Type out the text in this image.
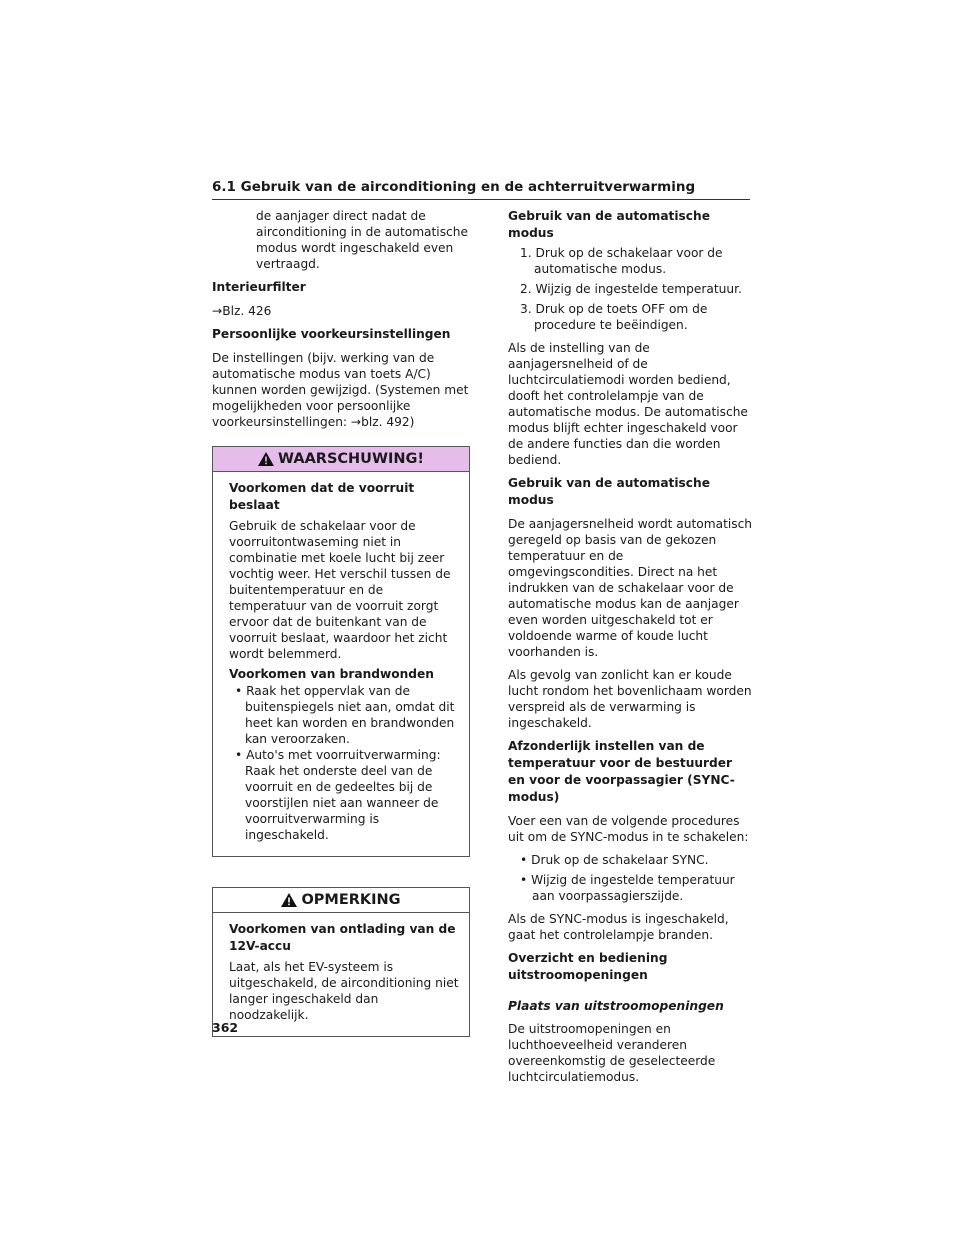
6.1 Gebruik van de airconditioning en de achterruitverwarming

de aanjager direct nadat de airconditioning in de automatische modus wordt ingeschakeld even vertraagd.

Interieurfilter

→Blz. 426

Persoonlijke voorkeursinstellingen

De instellingen (bijv. werking van de automatische modus van toets A/C) kunnen worden gewijzigd. (Systemen met mogelijkheden voor persoonlijke voorkeursinstellingen: →blz. 492)

WAARSCHUWING!

Voorkomen dat de voorruit beslaat

Gebruik de schakelaar voor de voorruitontwaseming niet in combinatie met koele lucht bij zeer vochtig weer. Het verschil tussen de buitentemperatuur en de temperatuur van de voorruit zorgt ervoor dat de buitenkant van de voorruit beslaat, waardoor het zicht wordt belemmerd.

Voorkomen van brandwonden

• Raak het oppervlak van de buitenspiegels niet aan, omdat dit heet kan worden en brandwonden kan veroorzaken.
• Auto's met voorruitverwarming: Raak het onderste deel van de voorruit en de gedeeltes bij de voorstijlen niet aan wanneer de voorruitverwarming is ingeschakeld.
OPMERKING

Voorkomen van ontlading van de 12V-accu

Laat, als het EV-systeem is uitgeschakeld, de airconditioning niet langer ingeschakeld dan noodzakelijk.

Gebruik van de automatische modus

1. Druk op de schakelaar voor de automatische modus.
2. Wijzig de ingestelde temperatuur.
3. Druk op de toets OFF om de procedure te beëindigen.

Als de instelling van de aanjagersnelheid of de luchtcirculatiemodi worden bediend, dooft het controlelampje van de automatische modus. De automatische modus blijft echter ingeschakeld voor de andere functies dan die worden bediend.

Gebruik van de automatische modus

De aanjagersnelheid wordt automatisch geregeld op basis van de gekozen temperatuur en de omgevingscondities. Direct na het indrukken van de schakelaar voor de automatische modus kan de aanjager even worden uitgeschakeld tot er voldoende warme of koude lucht voorhanden is.

Als gevolg van zonlicht kan er koude lucht rondom het bovenlichaam worden verspreid als de verwarming is ingeschakeld.

Afzonderlijk instellen van de temperatuur voor de bestuurder en voor de voorpassagier (SYNC-modus)

Voer een van de volgende procedures uit om de SYNC-modus in te schakelen:

• Druk op de schakelaar SYNC.
• Wijzig de ingestelde temperatuur aan voorpassagierszijde.

Als de SYNC-modus is ingeschakeld, gaat het controlelampje branden.

Overzicht en bediening uitstroomopeningen

Plaats van uitstroomopeningen

De uitstroomopeningen en luchthoeveelheid veranderen overeenkomstig de geselecteerde luchtcirculatiemodus.

362
